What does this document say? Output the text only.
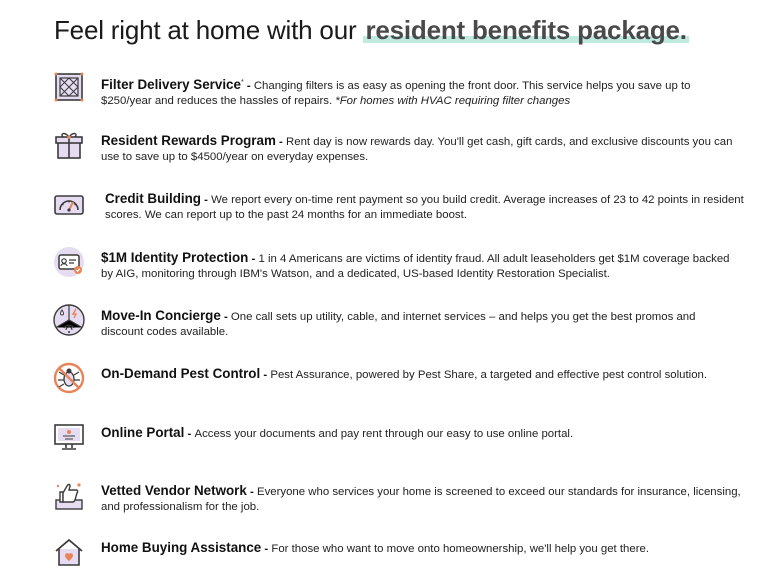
Feel right at home with our resident benefits package.
Filter Delivery Service* - Changing filters is as easy as opening the front door. This service helps you save up to $250/year and reduces the hassles of repairs. *For homes with HVAC requiring filter changes
Resident Rewards Program - Rent day is now rewards day. You'll get cash, gift cards, and exclusive discounts you can use to save up to $4500/year on everyday expenses.
Credit Building - We report every on-time rent payment so you build credit. Average increases of 23 to 42 points in resident scores. We can report up to the past 24 months for an immediate boost.
$1M Identity Protection - 1 in 4 Americans are victims of identity fraud. All adult leaseholders get $1M coverage backed by AIG, monitoring through IBM's Watson, and a dedicated, US-based Identity Restoration Specialist.
Move-In Concierge - One call sets up utility, cable, and internet services – and helps you get the best promos and discount codes available.
On-Demand Pest Control - Pest Assurance, powered by Pest Share, a targeted and effective pest control solution.
Online Portal - Access your documents and pay rent through our easy to use online portal.
Vetted Vendor Network - Everyone who services your home is screened to exceed our standards for insurance, licensing, and professionalism for the job.
Home Buying Assistance - For those who want to move onto homeownership, we'll help you get there.
